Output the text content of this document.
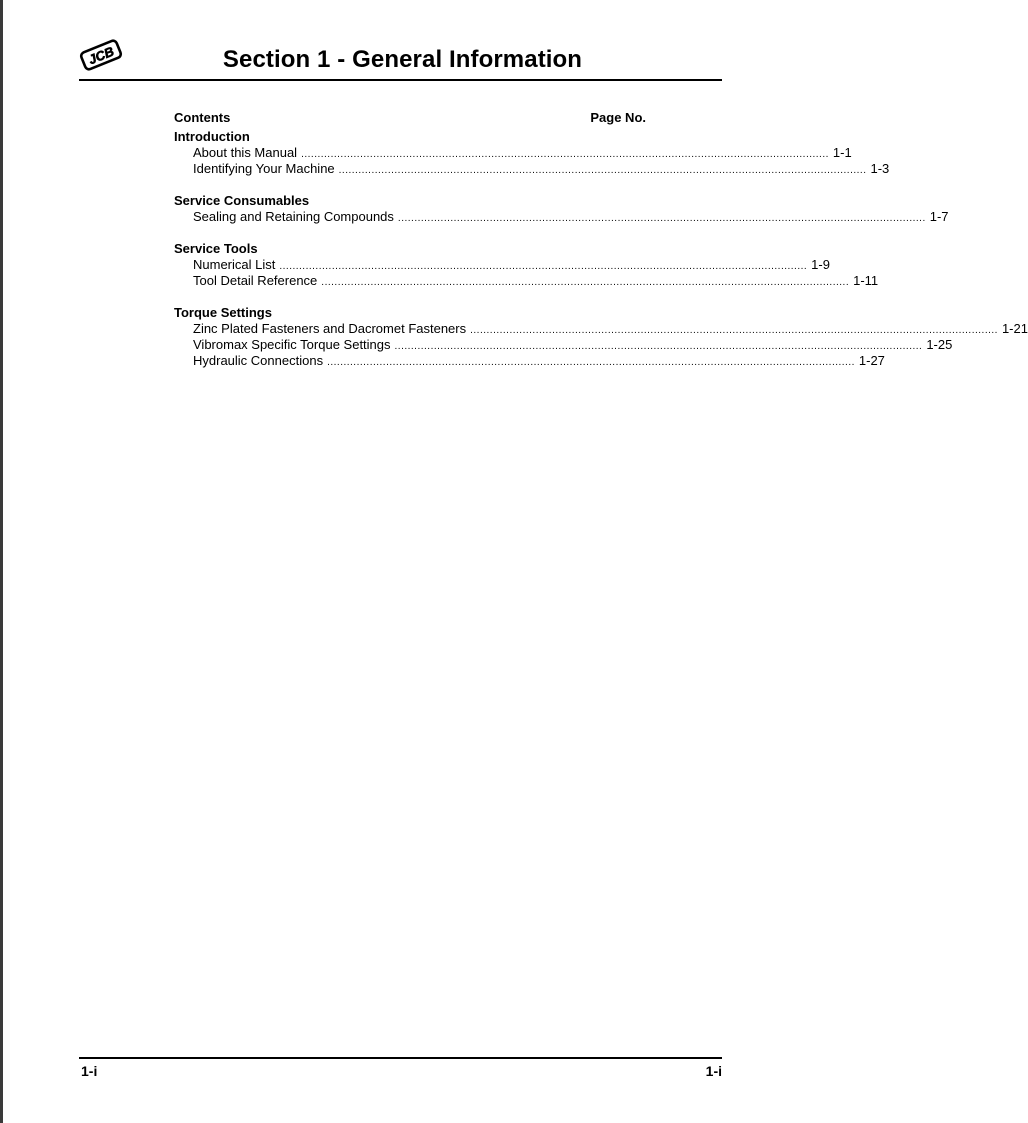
JCB	Section 1 - General Information
Contents	Page No.
Introduction
About this Manual ................................................................................................................................................................. 1-1
Identifying Your Machine ................................................................................................................................................................. 1-3
Service Consumables
Sealing and Retaining Compounds ................................................................................................................................................................. 1-7
Service Tools
Numerical List ................................................................................................................................................................. 1-9
Tool Detail Reference ................................................................................................................................................................. 1-11
Torque Settings
Zinc Plated Fasteners and Dacromet Fasteners ................................................................................................................................................................. 1-21
Vibromax Specific Torque Settings ................................................................................................................................................................. 1-25
Hydraulic Connections ................................................................................................................................................................. 1-27
1-i	1-i
